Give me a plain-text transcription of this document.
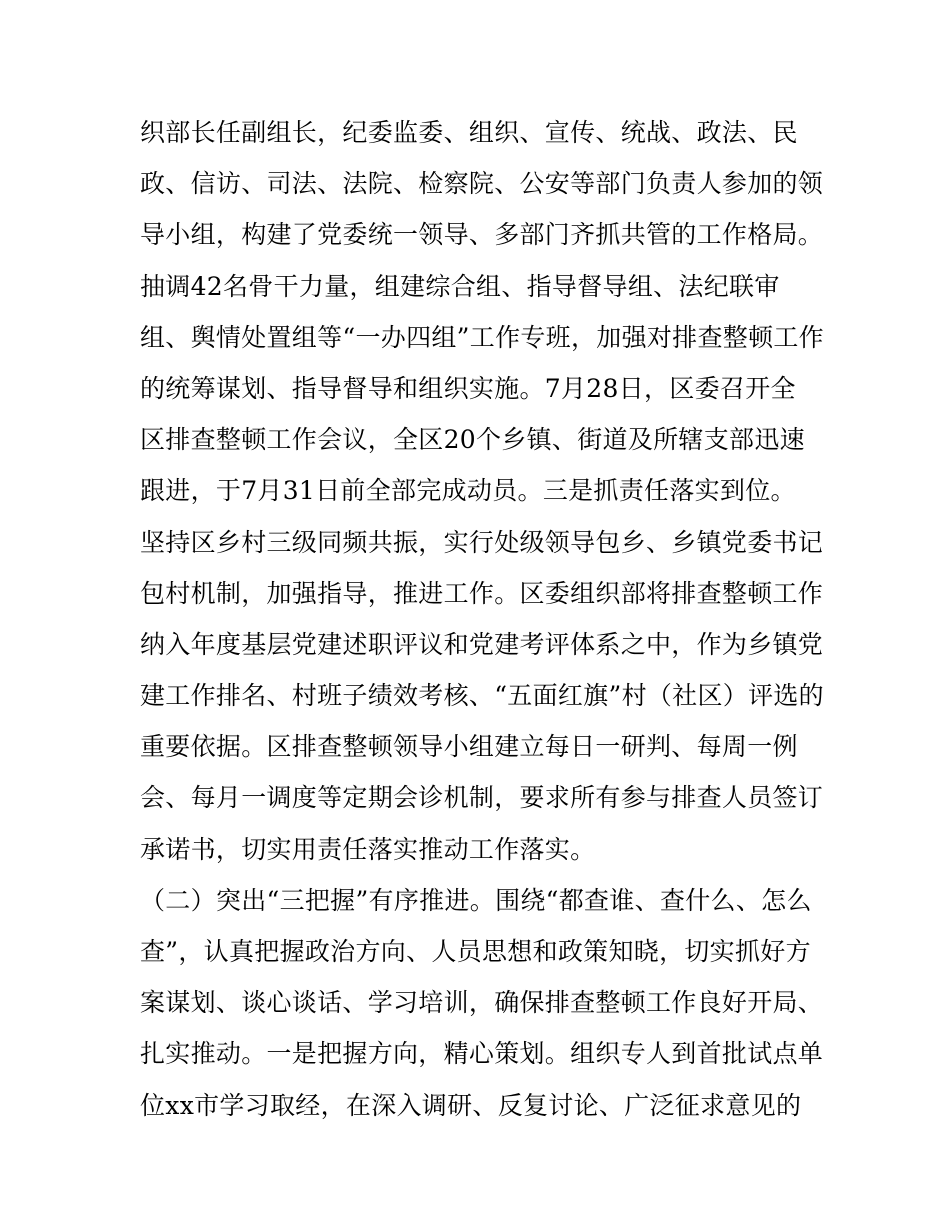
织部长任副组长，纪委监委、组织、宣传、统战、政法、民
政、信访、司法、法院、检察院、公安等部门负责人参加的领
导小组，构建了党委统一领导、多部门齐抓共管的工作格局。
抽调42名骨干力量，组建综合组、指导督导组、法纪联审
组、舆情处置组等“一办四组”工作专班，加强对排查整顿工作
的统筹谋划、指导督导和组织实施。7月28日，区委召开全
区排查整顿工作会议，全区20个乡镇、街道及所辖支部迅速
跟进，于7月31日前全部完成动员。三是抓责任落实到位。
坚持区乡村三级同频共振，实行处级领导包乡、乡镇党委书记
包村机制，加强指导，推进工作。区委组织部将排查整顿工作
纳入年度基层党建述职评议和党建考评体系之中，作为乡镇党
建工作排名、村班子绩效考核、“五面红旗”村（社区）评选的
重要依据。区排查整顿领导小组建立每日一研判、每周一例
会、每月一调度等定期会诊机制，要求所有参与排查人员签订
承诺书，切实用责任落实推动工作落实。
（二）突出“三把握”有序推进。围绕“都查谁、查什么、怎么
查”，认真把握政治方向、人员思想和政策知晓，切实抓好方
案谋划、谈心谈话、学习培训，确保排查整顿工作良好开局、
扎实推动。一是把握方向，精心策划。组织专人到首批试点单
位xx市学习取经，在深入调研、反复讨论、广泛征求意见的
